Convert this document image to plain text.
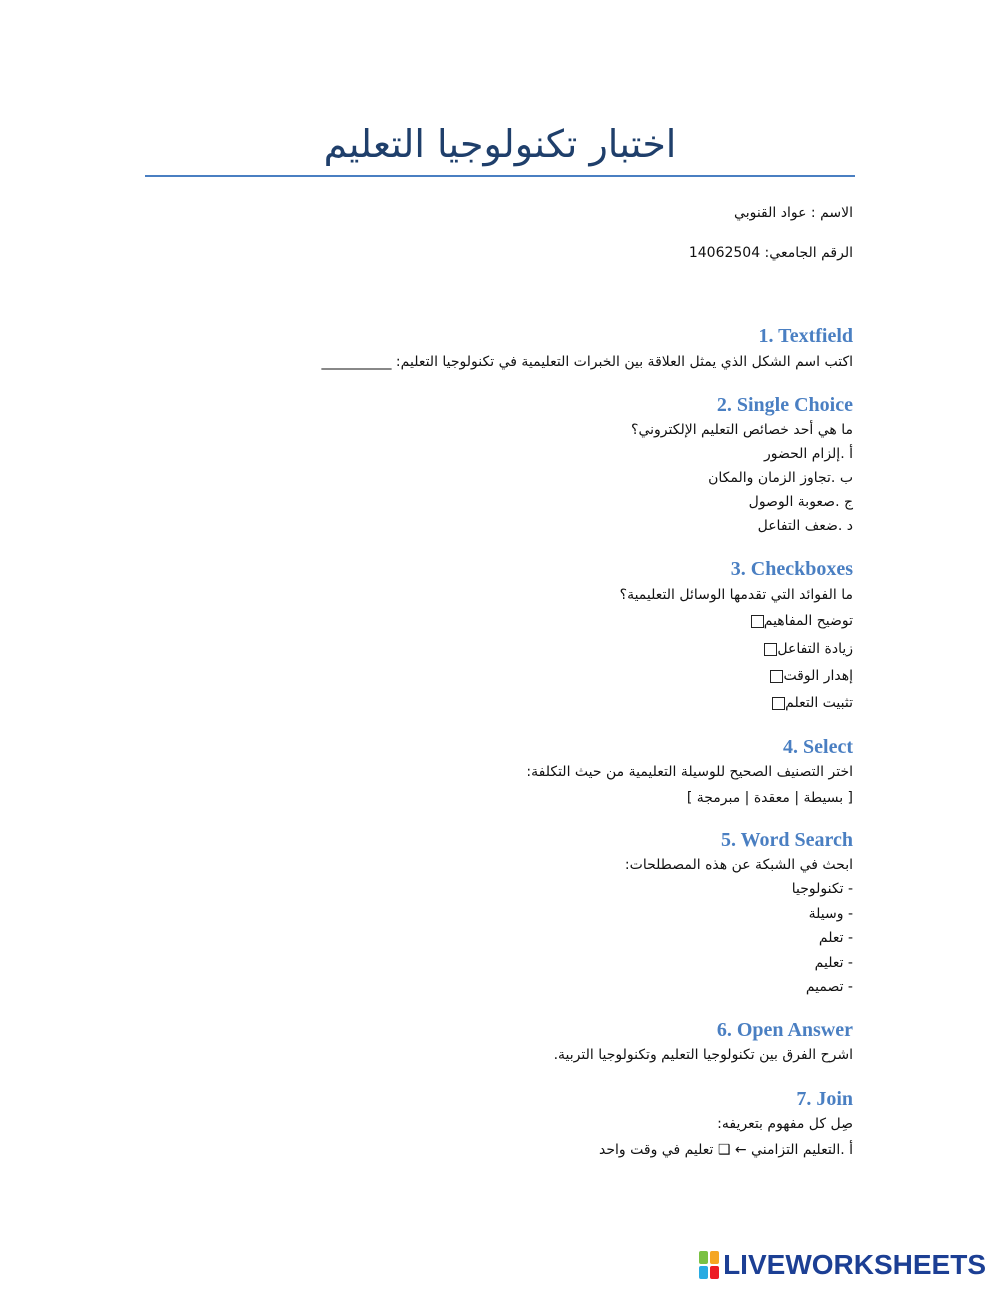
اختبار تكنولوجيا التعليم
الاسم : عواد القنوبي
الرقم الجامعي: 14062504
1. Textfield
اكتب اسم الشكل الذي يمثل العلاقة بين الخبرات التعليمية في تكنولوجيا التعليم: __________
2. Single Choice
ما هي أحد خصائص التعليم الإلكتروني؟
أ .إلزام الحضور
ب .تجاوز الزمان والمكان
ج .صعوبة الوصول
د .ضعف التفاعل
3. Checkboxes
ما الفوائد التي تقدمها الوسائل التعليمية؟
توضيح المفاهيم
زيادة التفاعل
إهدار الوقت
تثبيت التعلم
4. Select
اختر التصنيف الصحيح للوسيلة التعليمية من حيث التكلفة:
[ بسيطة | معقدة | مبرمجة ]
5. Word Search
ابحث في الشبكة عن هذه المصطلحات:
- تكنولوجيا
- وسيلة
- تعلم
- تعليم
- تصميم
6. Open Answer
اشرح الفرق بين تكنولوجيا التعليم وتكنولوجيا التربية.
7. Join
صِل كل مفهوم بتعريفه:
أ .التعليم التزامني ← ❑ تعليم في وقت واحد
LIVEWORKSHEETS
